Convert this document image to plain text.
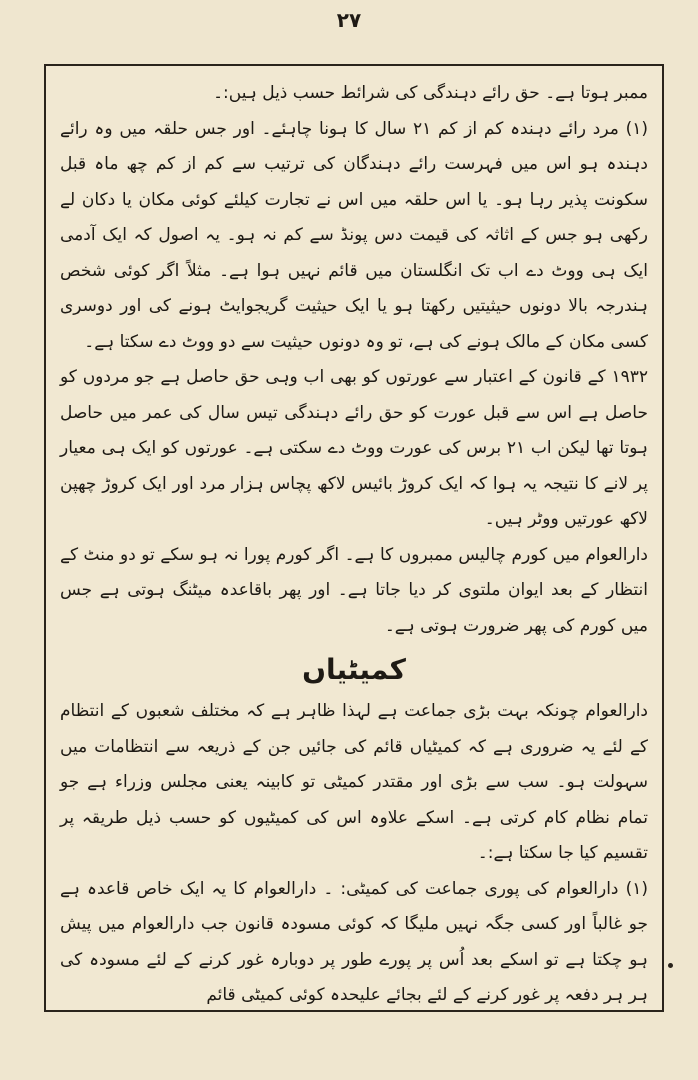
۲۷

ممبر ہوتا ہے۔ حق رائے دہندگی کی شرائط حسب ذیل ہیں:۔

(۱) مرد رائے دہندہ کم از کم ۲۱ سال کا ہونا چاہئے۔ اور جس حلقہ میں وہ رائے دہندہ ہو اس میں فہرست رائے دہندگان کی ترتیب سے کم از کم چھ ماہ قبل سکونت پذیر رہا ہو۔ یا اس حلقہ میں اس نے تجارت کیلئے کوئی مکان یا دکان لے رکھی ہو جس کے اثاثہ کی قیمت دس پونڈ سے کم نہ ہو۔ یہ اصول کہ ایک آدمی ایک ہی ووٹ دے اب تک انگلستان میں قائم نہیں ہوا ہے۔ مثلاً اگر کوئی شخص ہندرجہ بالا دونوں حیثیتیں رکھتا ہو یا ایک حیثیت گریجوایٹ ہونے کی اور دوسری کسی مکان کے مالک ہونے کی ہے، تو وہ دونوں حیثیت سے دو ووٹ دے سکتا ہے۔

۱۹۳۲ کے قانون کے اعتبار سے عورتوں کو بھی اب وہی حق حاصل ہے جو مردوں کو حاصل ہے اس سے قبل عورت کو حق رائے دہندگی تیس سال کی عمر میں حاصل ہوتا تھا لیکن اب ۲۱ برس کی عورت ووٹ دے سکتی ہے۔ عورتوں کو ایک ہی معیار پر لانے کا نتیجہ یہ ہوا کہ ایک کروڑ بائیس لاکھ پچاس ہزار مرد اور ایک کروڑ چھپن لاکھ عورتیں ووٹر ہیں۔

دارالعوام میں کورم چالیس ممبروں کا ہے۔ اگر کورم پورا نہ ہو سکے تو دو منٹ کے انتظار کے بعد ایوان ملتوی کر دیا جاتا ہے۔ اور پھر باقاعدہ میٹنگ ہوتی ہے جس میں کورم کی پھر ضرورت ہوتی ہے۔

کمیٹیاں

دارالعوام چونکہ بہت بڑی جماعت ہے لہذا ظاہر ہے کہ مختلف شعبوں کے انتظام کے لئے یہ ضروری ہے کہ کمیٹیاں قائم کی جائیں جن کے ذریعہ سے انتظامات میں سہولت ہو۔ سب سے بڑی اور مقتدر کمیٹی تو کابینہ یعنی مجلس وزراء ہے جو تمام نظام کام کرتی ہے۔ اسکے علاوہ اس کی کمیٹیوں کو حسب ذیل طریقہ پر تقسیم کیا جا سکتا ہے:۔

(۱) دارالعوام کی پوری جماعت کی کمیٹی: ۔ دارالعوام کا یہ ایک خاص قاعدہ ہے جو غالباً اور کسی جگہ نہیں ملیگا کہ کوئی مسودہ قانون جب دارالعوام میں پیش ہو چکتا ہے تو اسکے بعد اُس پر پورے طور پر دوبارہ غور کرنے کے لئے مسودہ کی ہر ہر دفعہ پر غور کرنے کے لئے بجائے علیحدہ کوئی کمیٹی قائم
